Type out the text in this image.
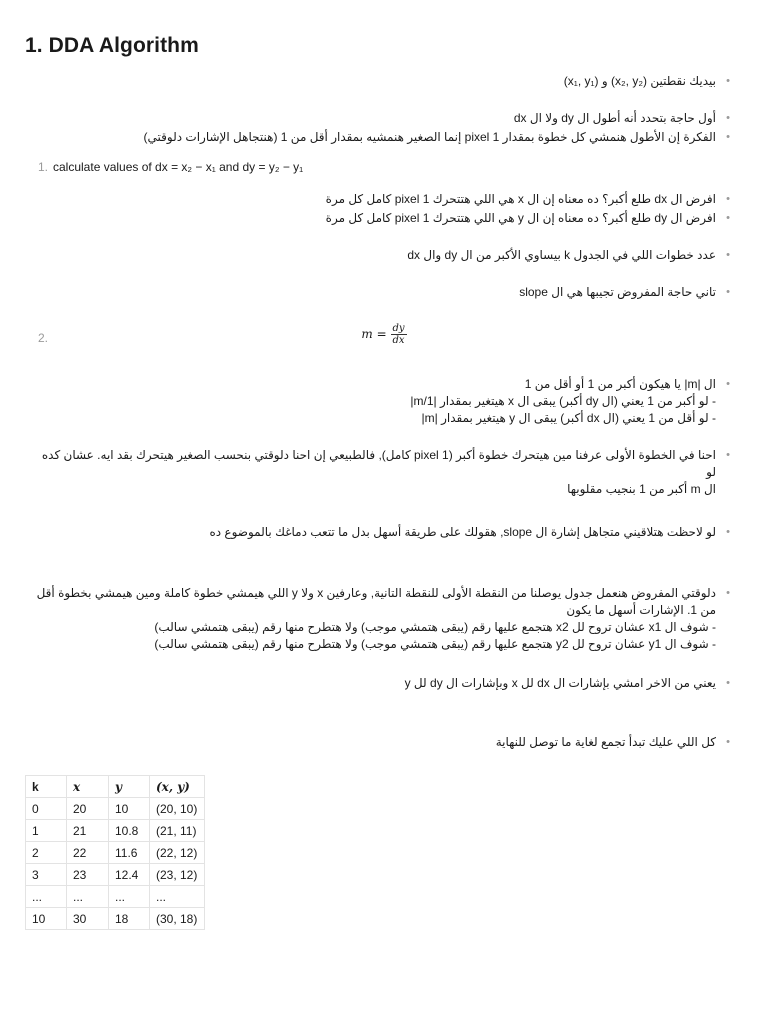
1. DDA Algorithm
• بيديك نقطتين (x₂, y₂) و (x₁, y₁)
• أول حاجة بتحدد أنه أطول ال dy ولا ال dx
• الفكرة إن الأطول هنمشي كل خطوة بمقدار pixel 1 إنما الصغير هنمشيه بمقدار أقل من 1 (هنتجاهل الإشارات دلوقتي)
1. calculate values of dx = x₂ − x₁ and dy = y₂ − y₁
• افرض ال dx طلع أكبر؟ ده معناه إن ال x هي اللي هتتحرك pixel 1 كامل كل مرة
• افرض ال dy طلع أكبر؟ ده معناه إن ال y هي اللي هتتحرك pixel 1 كامل كل مرة
• عدد خطوات اللي في الجدول k بيساوي الأكبر من ال dy وال dx
• تاني حاجة المفروض تجيبها هي ال slope
2.	$m = \frac{dy}{dx}$
• ال |m| يا هيكون أكبر من 1 أو أقل من 1
- لو أكبر من 1 يعني (ال dy أكبر) يبقى ال x هيتغير بمقدار |1/m|
- لو أقل من 1 يعني (ال dx أكبر) يبقى ال y هيتغير بمقدار |m|
• احنا في الخطوة الأولى عرفنا مين هيتحرك خطوة أكبر (pixel 1 كامل), فالطبيعي إن احنا دلوقتي بنحسب الصغير هيتحرك بقد ايه. عشان كده لو
ال m أكبر من 1 بنجيب مقلوبها
• لو لاحظت هتلاقيني متجاهل إشارة ال slope, هقولك على طريقة أسهل بدل ما تتعب دماغك بالموضوع ده
• دلوقتي المفروض هنعمل جدول يوصلنا من النقطة الأولى للنقطة التانية, وعارفين x ولا y اللي هيمشي خطوة كاملة ومين هيمشي بخطوة أقل
من 1. الإشارات أسهل ما يكون
- شوف ال x1 عشان تروح لل x2 هتجمع عليها رقم (يبقى هتمشي موجب) ولا هتطرح منها رقم (يبقى هتمشي سالب)
- شوف ال y1 عشان تروح لل y2 هتجمع عليها رقم (يبقى هتمشي موجب) ولا هتطرح منها رقم (يبقى هتمشي سالب)
• يعني من الاخر امشي بإشارات ال dx لل x وبإشارات ال dy لل y
• كل اللي عليك تبدأ تجمع لغاية ما توصل للنهاية
k	x	y	(x, y)
0	20	10	(20, 10)
1	21	10.8	(21, 11)
2	22	11.6	(22, 12)
3	23	12.4	(23, 12)
...	...	...	...
10	30	18	(30, 18)
